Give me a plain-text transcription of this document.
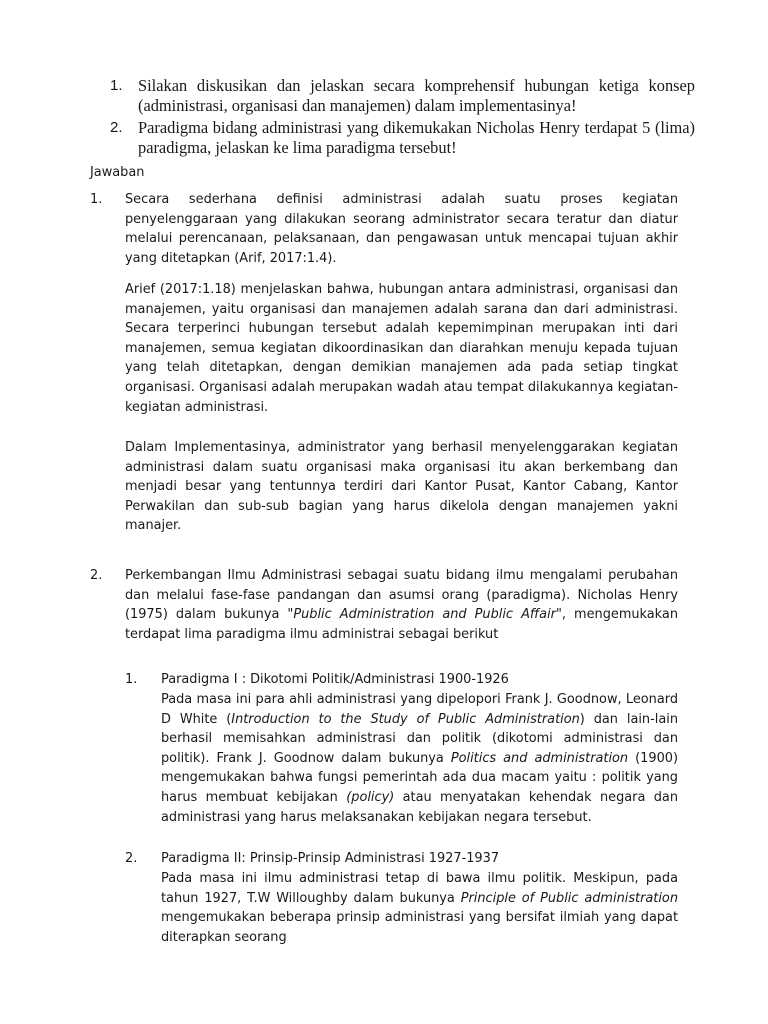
1. Silakan diskusikan dan jelaskan secara komprehensif hubungan ketiga konsep (administrasi, organisasi dan manajemen) dalam implementasinya!

2. Paradigma bidang administrasi yang dikemukakan Nicholas Henry terdapat 5 (lima) paradigma, jelaskan ke lima paradigma tersebut!

Jawaban
1. Secara sederhana definisi administrasi adalah suatu proses kegiatan penyelenggaraan yang dilakukan seorang administrator secara teratur dan diatur melalui perencanaan, pelaksanaan, dan pengawasan untuk mencapai tujuan akhir yang ditetapkan (Arif, 2017:1.4).

Arief (2017:1.18) menjelaskan bahwa, hubungan antara administrasi, organisasi dan manajemen, yaitu organisasi dan manajemen adalah sarana dan dari administrasi. Secara terperinci hubungan tersebut adalah kepemimpinan merupakan inti dari manajemen, semua kegiatan dikoordinasikan dan diarahkan menuju kepada tujuan yang telah ditetapkan, dengan demikian manajemen ada pada setiap tingkat organisasi. Organisasi adalah merupakan wadah atau tempat dilakukannya kegiatan-kegiatan administrasi.

Dalam Implementasinya, administrator yang berhasil menyelenggarakan kegiatan administrasi dalam suatu organisasi maka organisasi itu akan berkembang dan menjadi besar yang tentunnya terdiri dari Kantor Pusat, Kantor Cabang, Kantor Perwakilan dan sub-sub bagian yang harus dikelola dengan manajemen yakni manajer.

2. Perkembangan Ilmu Administrasi sebagai suatu bidang ilmu mengalami perubahan dan melalui fase-fase pandangan dan asumsi orang (paradigma). Nicholas Henry (1975) dalam bukunya "Public Administration and Public Affair", mengemukakan terdapat lima paradigma ilmu administrai sebagai berikut

1. Paradigma I : Dikotomi Politik/Administrasi 1900-1926

Pada masa ini para ahli administrasi yang dipelopori Frank J. Goodnow, Leonard D White (Introduction to the Study of Public Administration) dan lain-lain berhasil memisahkan administrasi dan politik (dikotomi administrasi dan politik). Frank J. Goodnow dalam bukunya Politics and administration (1900) mengemukakan bahwa fungsi pemerintah ada dua macam yaitu : politik yang harus membuat kebijakan (policy) atau menyatakan kehendak negara dan administrasi yang harus melaksanakan kebijakan negara tersebut.

2. Paradigma II: Prinsip-Prinsip Administrasi 1927-1937

Pada masa ini ilmu administrasi tetap di bawa ilmu politik. Meskipun, pada tahun 1927, T.W Willoughby dalam bukunya Principle of Public administration mengemukakan beberapa prinsip administrasi yang bersifat ilmiah yang dapat diterapkan seorang
